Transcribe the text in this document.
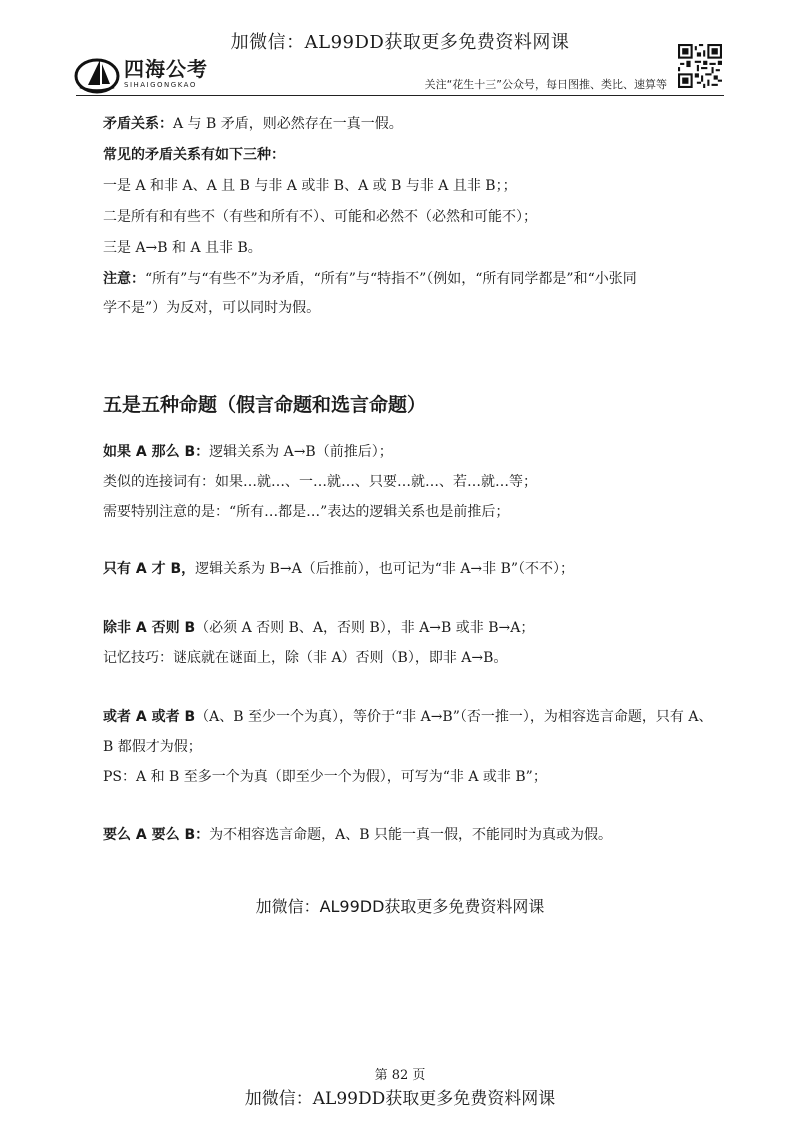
加微信：AL99DD获取更多免费资料网课
四海公考
SIHAIGONGKAO	关注“花生十三”公众号，每日图推、类比、速算等
矛盾关系：A 与 B 矛盾，则必然存在一真一假。
常见的矛盾关系有如下三种：
一是 A 和非 A、A 且 B 与非 A 或非 B、A 或 B 与非 A 且非 B；；
二是所有和有些不（有些和所有不）、可能和必然不（必然和可能不）；
三是 A→B 和 A 且非 B。
注意：“所有”与“有些不”为矛盾，“所有”与“特指不”（例如，“所有同学都是”和“小张同
学不是”）为反对，可以同时为假。
五是五种命题（假言命题和选言命题）
如果 A 那么 B：逻辑关系为 A→B（前推后）；
类似的连接词有：如果…就…、一…就…、只要…就…、若…就…等；
需要特别注意的是：“所有…都是…”表达的逻辑关系也是前推后；
只有 A 才 B，逻辑关系为 B→A（后推前），也可记为“非 A→非 B”（不不）；
除非 A 否则 B（必须 A 否则 B、A，否则 B），非 A→B 或非 B→A；
记忆技巧：谜底就在谜面上，除（非 A）否则（B），即非 A→B。
或者 A 或者 B（A、B 至少一个为真），等价于“非 A→B”（否一推一），为相容选言命题，只有 A、
B 都假才为假；
PS：A 和 B 至多一个为真（即至少一个为假），可写为“非 A 或非 B”；
要么 A 要么 B：为不相容选言命题，A、B 只能一真一假，不能同时为真或为假。
加微信：AL99DD获取更多免费资料网课
第 82 页
加微信：AL99DD获取更多免费资料网课
